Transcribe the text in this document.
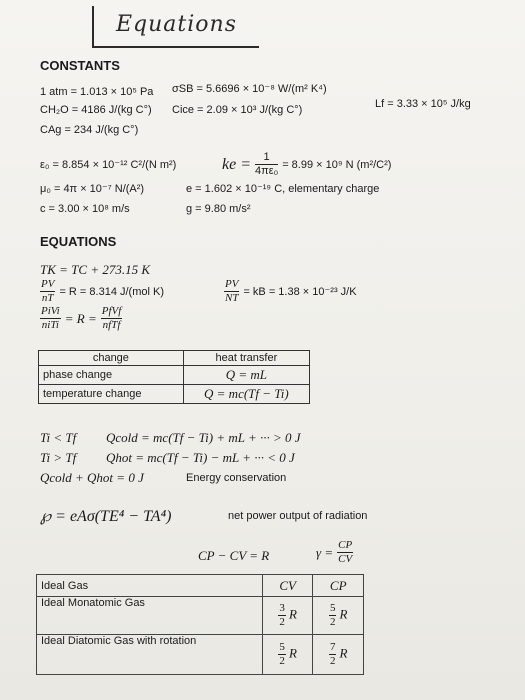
Equations
CONSTANTS
1 atm = 1.013 × 10⁵ Pa σSB = 5.6696 × 10⁻⁸ W/(m² K⁴)
CH₂O = 4186 J/(kg C°) Cice = 2.09 × 10³ J/(kg C°)	Lf = 3.33 × 10⁵ J/kg
CAg = 234 J/(kg C°)
ε₀ = 8.854 × 10⁻¹² C²/(N m²)	ke = $\frac{1}{\text{4πε₀}} = 8.99 \times 10^9$ N (m²/C²)
μ₀ = 4π × 10⁻⁷ N/(A²)	e = 1.602 × 10⁻¹⁹ C, elementary charge
c = 3.00 × 10⁸ m/s	g = 9.80 m/s²
EQUATIONS
TK = TC + 273.15 K
$\frac{PV}{nT} = R = 8.314$ J/(mol K)	$\frac{PV}{NT}$ = kB = 1.38 × 10⁻²³ J/K
$\frac{\text{PiVi}}{\text{niTi}} = R = \frac{\text{PfVf}}{\text{nfTf}}$
change	heat transfer
phase change	Q = mL
temperature change	Q = mc(Tf − Ti)
Ti < Tf Qcold = mc(Tf − Ti) + mL + ··· > 0 J
Ti > Tf Qhot = mc(Tf − Ti) − mL + ··· < 0 J
Qcold + Qhot = 0 J	Energy conservation
℘ = eAσ(TE⁴ − TA⁴)	net power output of radiation
CP − CV = R	$\gamma = \frac{CP}{CV}$
Ideal Gas	CV	CP
Ideal Monatomic Gas	$\frac{3}{2}$ R	$\frac{5}{2}$ R
Ideal Diatomic Gas with rotation	$\frac{5}{2}$ R	$\frac{7}{2}$ R
